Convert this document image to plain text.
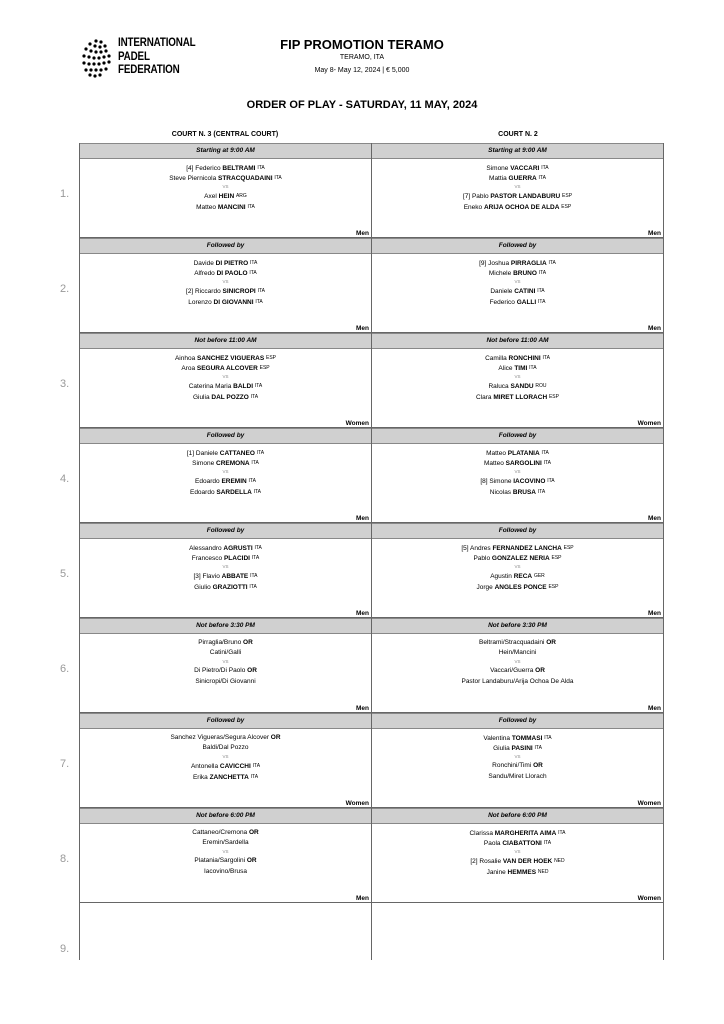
INTERNATIONAL
PADEL
FEDERATION
FIP PROMOTION TERAMO
TERAMO, ITA
May 8- May 12, 2024 | € 5,000
ORDER OF PLAY - SATURDAY, 11 MAY, 2024
COURT N. 3 (CENTRAL COURT)	COURT N. 2
Starting at 9:00 AM
[4] Federico BELTRAMI ITA
Steve Piernicola STRACQUADAINI ITA
VS
Axel HEIN ARG
Matteo MANCINI ITA
Men
Starting at 9:00 AM
Simone VACCARI ITA
Mattia GUERRA ITA
VS
[7] Pablo PASTOR LANDABURU ESP
Eneko ARIJA OCHOA DE ALDA ESP
Men
Followed by
Davide DI PIETRO ITA
Alfredo DI PAOLO ITA
VS
[2] Riccardo SINICROPI ITA
Lorenzo DI GIOVANNI ITA
Men
Followed by
[9] Joshua PIRRAGLIA ITA
Michele BRUNO ITA
VS
Daniele CATINI ITA
Federico GALLI ITA
Men
Not before 11:00 AM
Ainhoa SANCHEZ VIGUERAS ESP
Aroa SEGURA ALCOVER ESP
VS
Caterina Maria BALDI ITA
Giulia DAL POZZO ITA
Women
Not before 11:00 AM
Camilla RONCHINI ITA
Alice TIMI ITA
VS
Raluca SANDU ROU
Clara MIRET LLORACH ESP
Women
Followed by
[1] Daniele CATTANEO ITA
Simone CREMONA ITA
VS
Edoardo EREMIN ITA
Edoardo SARDELLA ITA
Men
Followed by
Matteo PLATANIA ITA
Matteo SARGOLINI ITA
VS
[8] Simone IACOVINO ITA
Nicolas BRUSA ITA
Men
Followed by
Alessandro AGRUSTI ITA
Francesco PLACIDI ITA
VS
[3] Flavio ABBATE ITA
Giulio GRAZIOTTI ITA
Men
Followed by
[5] Andres FERNANDEZ LANCHA ESP
Pablo GONZALEZ NERIA ESP
VS
Agustin RECA GER
Jorge ANGLES PONCE ESP
Men
Not before 3:30 PM
Pirraglia/Bruno OR
Catini/Galli
VS
Di Pietro/Di Paolo OR
Sinicropi/Di Giovanni
Men
Not before 3:30 PM
Beltrami/Stracquadaini OR
Hein/Mancini
VS
Vaccari/Guerra OR
Pastor Landaburu/Arija Ochoa De Alda
Men
Followed by
Sanchez Vigueras/Segura Alcover OR
Baldi/Dal Pozzo
VS
Antonella CAVICCHI ITA
Erika ZANCHETTA ITA
Women
Followed by
Valentina TOMMASI ITA
Giulia PASINI ITA
VS
Ronchini/Timi OR
Sandu/Miret Llorach
Women
Not before 6:00 PM
Cattaneo/Cremona OR
Eremin/Sardella
VS
Platania/Sargolini OR
Iacovino/Brusa
Men
Not before 6:00 PM
Clarissa MARGHERITA AIMA ITA
Paola CIABATTONI ITA
VS
[2] Rosalie VAN DER HOEK NED
Janine HEMMES NED
Women
1.
2.
3.
4.
5.
6.
7.
8.
9.
